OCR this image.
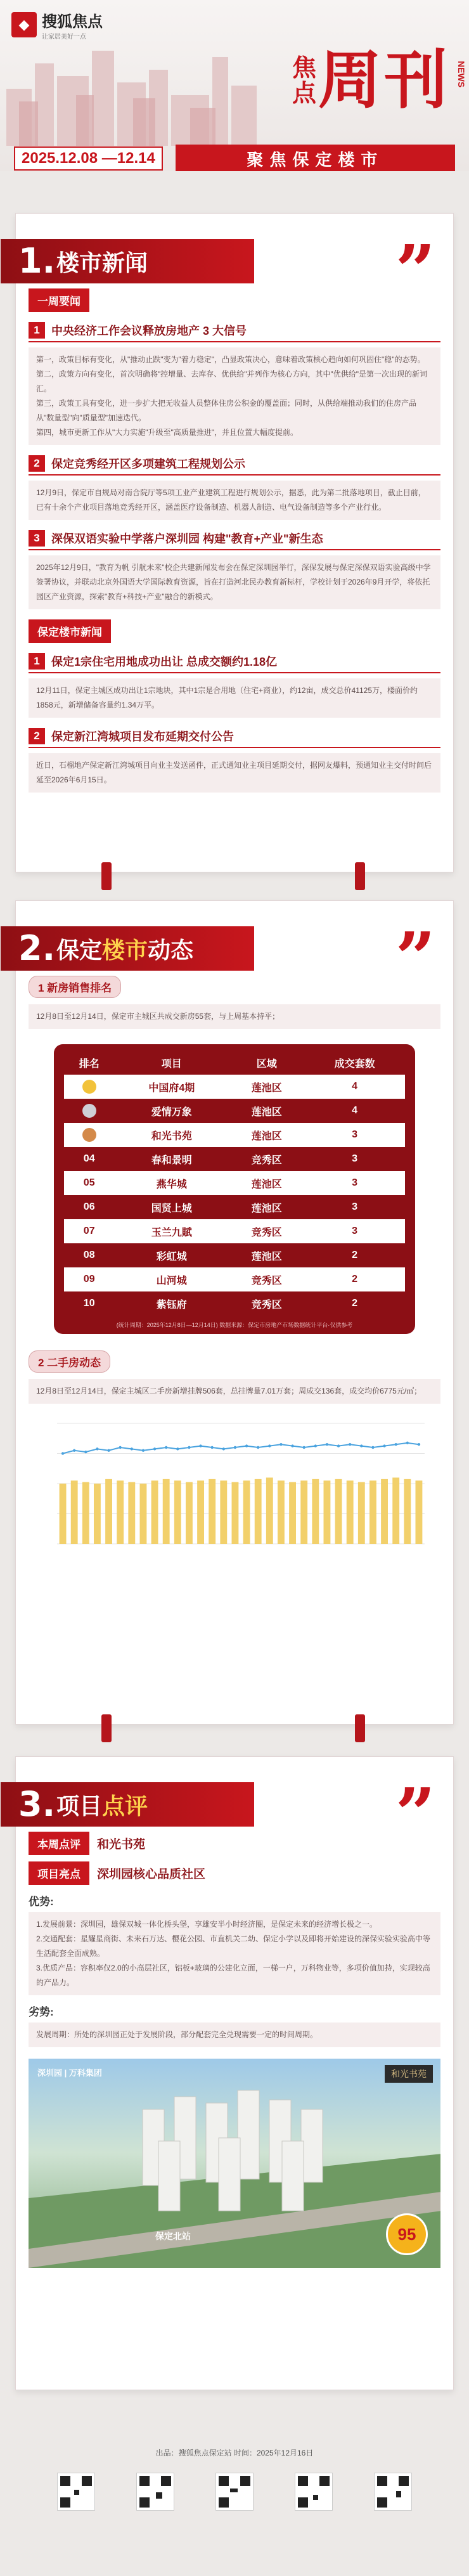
◆ 搜狐焦点
让家居美好一点
焦
点 周刊 NEWS
2025.12.08 —12.14	聚焦保定楼市
1. 楼市新闻	”
一周要闻
1	中央经济工作会议释放房地产 3 大信号

第一，政策目标有变化，从"推动止跌"变为"着力稳定"，凸显政策决心，意味着政策核心趋向如何巩固住"稳"的态势。

第二，政策方向有变化，首次明确将"控增量、去库存、优供给"并列作为核心方向，其中"优供给"是第一次出现的新词汇。

第三，政策工具有变化，进一步扩大把无收益人员整体住房公积金的覆盖面；同时，从供给端推动我们的住房产品从"数量型"向"质量型"加速迭代。

第四，城市更新工作从"大力实施"升级至"高质量推进"，并且位置大幅度提前。

2	保定竞秀经开区多项建筑工程规划公示

12月9日，保定市自规局对南合院厅等5项工业产业建筑工程进行规划公示，据悉，此为第二批落地项目，截止目前，已有十余个产业项目落地竞秀经开区，涵盖医疗设备制造、机器人制造、电气设备制造等多个产业行业。

3	深保双语实验中学落户深圳园 构建"教育+产业"新生态

2025年12月9日，"教育为帆 引航未来"校企共建新闻发布会在保定深圳园举行，深保发展与保定深保双语实验高级中学签署协议，并联动北京外国语大学国际教育资源，旨在打造河北民办教育新标杆，学校计划于2026年9月开学，将依托园区产业资源，探索"教育+科技+产业"融合的新模式。

保定楼市新闻
1	保定1宗住宅用地成功出让 总成交额约1.18亿

12月11日，保定主城区成功出让1宗地块，其中1宗是合用地（住宅+商业），约12亩，成交总价41125万，楼面价约1858元，新增储备容量约1.34万平。

2	保定新江湾城项目发布延期交付公告

近日，石榴地产保定新江湾城项目向业主发送函件，正式通知业主项目延期交付，据网友爆料，预通知业主交付时间后延至2026年6月15日。

2. 保定楼市动态	”
1 新房销售排名
12月8日至12月14日，保定市主城区共成交新房55套，与上周基本持平；
排名	项目	区域	成交套数
	中国府4期	莲池区	4
	爱情万象	莲池区	4
	和光书苑	莲池区	3
04	春和景明	竞秀区	3
05	燕华城	莲池区	3
06	国贤上城	莲池区	3
07	玉兰九賦	竞秀区	3
08	彩虹城	莲池区	2
09	山河城	竞秀区	2
10	紫钰府	竞秀区	2
(统计周期：2025年12月8日—12月14日) 数据来源：保定市房地产市场数据统计平台·仅供参考
2 二手房动态
12月8日至12月14日，保定主城区二手房新增挂牌506套，总挂牌量7.01万套；周成交136套，成交均价6775元/㎡；
3. 项目点评	”
本周点评	和光书苑
项目亮点	深圳园核心品质社区
优势:

1.发展前景：深圳园，雄保双城一体化桥头堡，享雄安半小时经济圈，是保定未来的经济增长极之一。

2.交通配套：星耀星商街、未来石万达、樱花公园、市直机关二幼、保定小学以及即将开始建设的深保实验实验高中等生活配套全面成熟。

3.优质产品：容积率仅2.0的小高层社区，铝板+玻璃的公建化立面，一梯一户，万科物业等，多项价值加持，实现较高的产品力。

劣势:

发展周期：所处的深圳园正处于发展阶段，部分配套完全兑现需要一定的时间周期。

深圳园 | 万科集团	和光书苑
保定北站	95
出品：搜狐焦点保定站 时间：2025年12月16日
